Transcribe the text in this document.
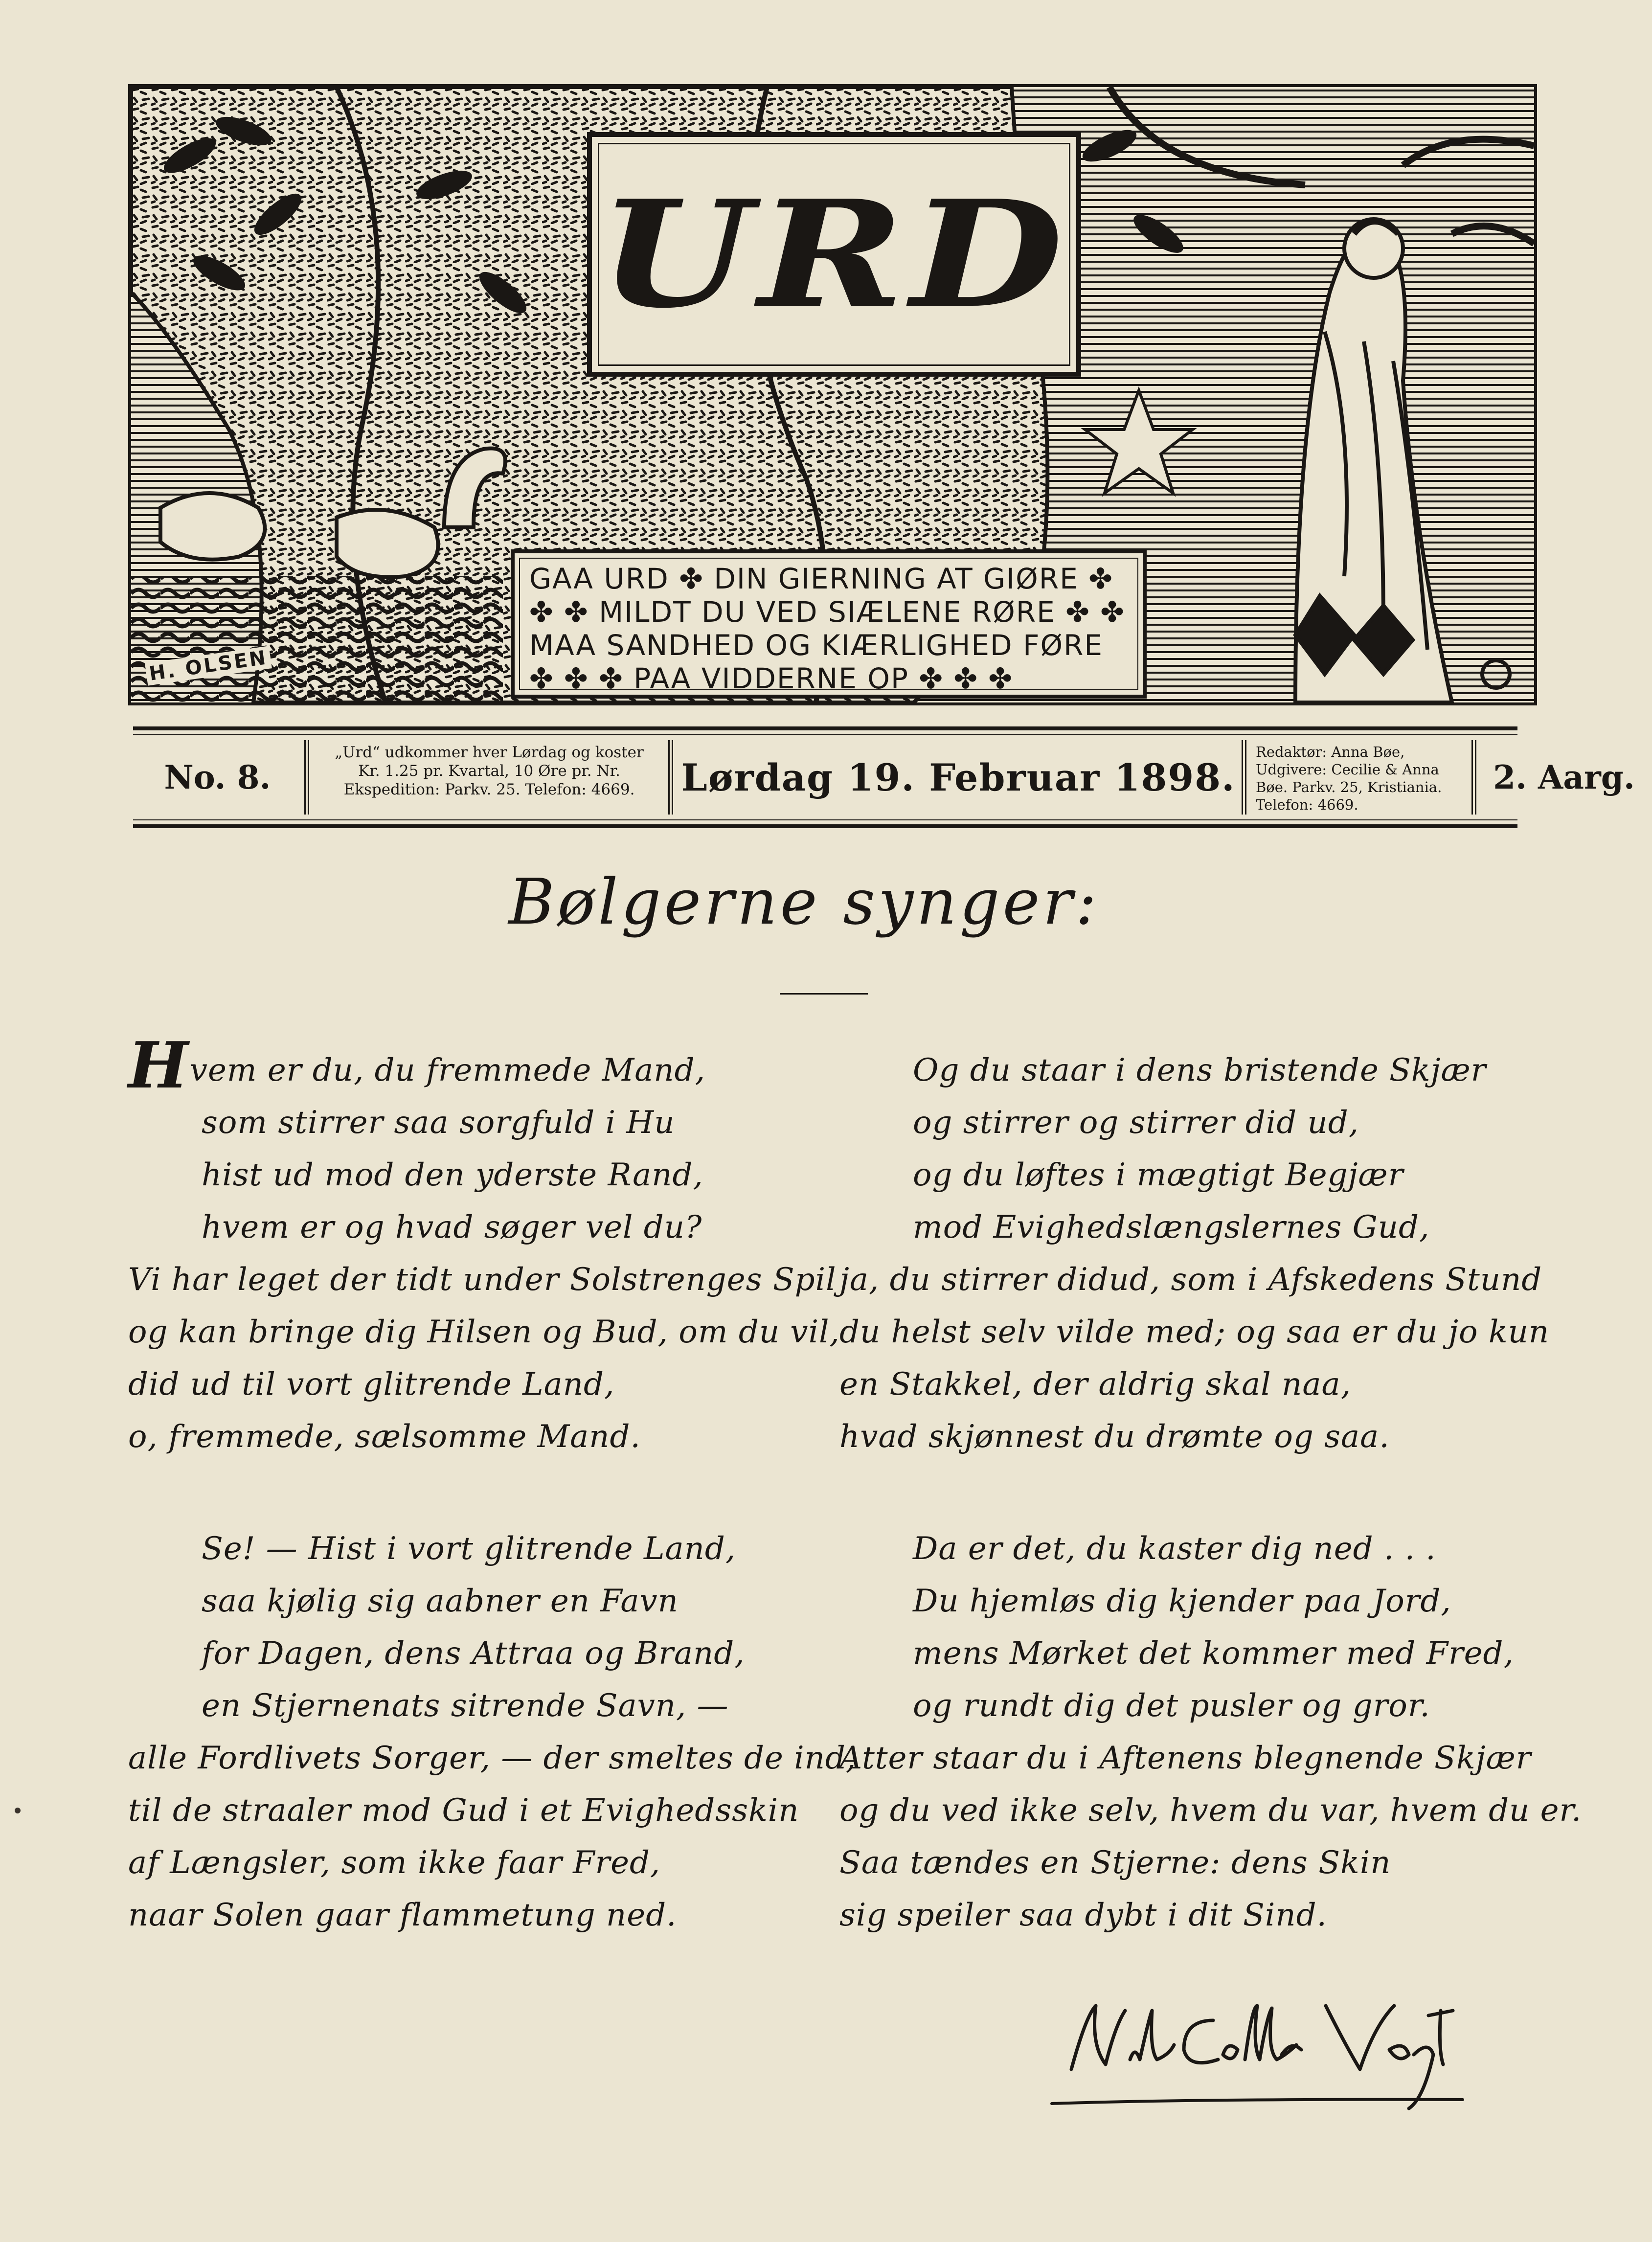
URD
GAA URD ✤ DIN GIERNING AT GIØRE ✤
✤ ✤ MILDT DU VED SIÆLENE RØRE ✤ ✤
MAA SANDHED OG KIÆRLIGHED FØRE
✤ ✤ ✤ PAA VIDDERNE OP ✤ ✤ ✤
H. OLSEN
No. 8.
„Urd“ udkommer hver Lørdag og koster Kr. 1.25 pr. Kvartal, 10 Øre pr. Nr. Ekspedition: Parkv. 25. Telefon: 4669.	Lørdag 19. Februar 1898.
Redaktør: Anna Bøe, Udgivere: Cecilie & Anna Bøe. Parkv. 25, Kristiania. Telefon: 4669.
2. Aarg.
Bølgerne synger:
Hvem er du, du fremmede Mand,
som stirrer saa sorgfuld i Hu
hist ud mod den yderste Rand,
hvem er og hvad søger vel du?
Vi har leget der tidt under Solstrenges Spil
og kan bringe dig Hilsen og Bud, om du vil,
did ud til vort glitrende Land,
o, fremmede, sælsomme Mand.
Og du staar i dens bristende Skjær
og stirrer og stirrer did ud,
og du løftes i mægtigt Begjær
mod Evighedslængslernes Gud,
ja, du stirrer didud, som i Afskedens Stund
du helst selv vilde med; og saa er du jo kun
en Stakkel, der aldrig skal naa,
hvad skjønnest du drømte og saa.
Se! — Hist i vort glitrende Land,
saa kjølig sig aabner en Favn
for Dagen, dens Attraa og Brand,
en Stjernenats sitrende Savn, —
alle Fordlivets Sorger, — der smeltes de ind,
til de straaler mod Gud i et Evighedsskin
af Længsler, som ikke faar Fred,
naar Solen gaar flammetung ned.
Da er det, du kaster dig ned . . .
Du hjemløs dig kjender paa Jord,
mens Mørket det kommer med Fred,
og rundt dig det pusler og gror.
Atter staar du i Aftenens blegnende Skjær
og du ved ikke selv, hvem du var, hvem du er.
Saa tændes en Stjerne: dens Skin
sig speiler saa dybt i dit Sind.
